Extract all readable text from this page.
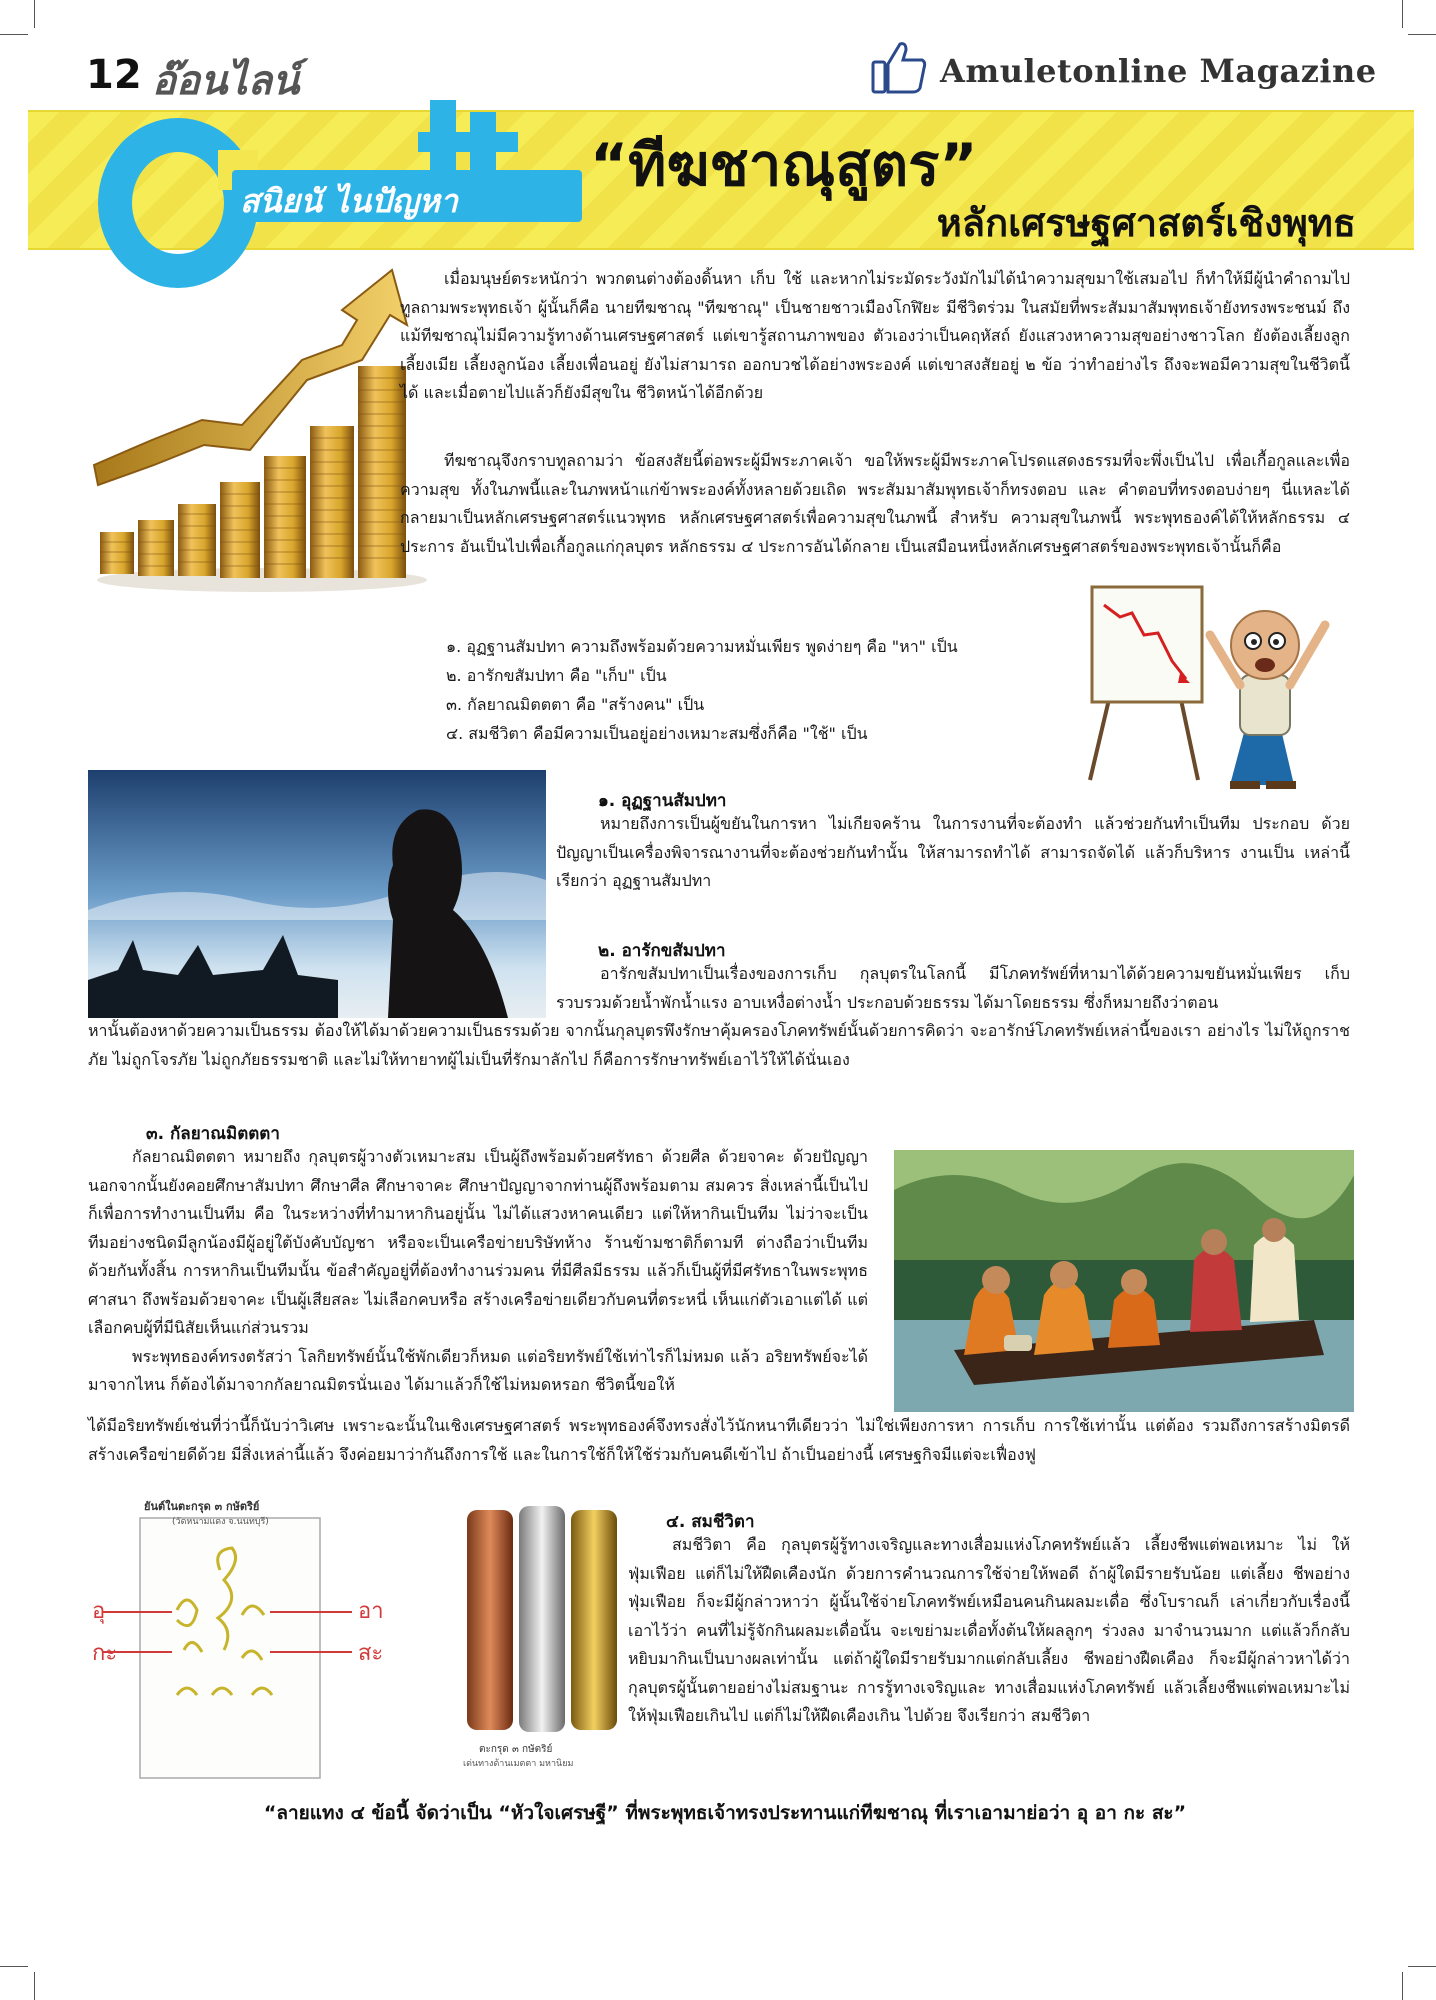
12 อ๊อนไลน์	Amuletonline Magazine
สนิยนั ไนปัญหา
“ทีฆชาณุสูตร”
หลักเศรษฐศาสตร์เชิงพุทธ

เมื่อมนุษย์ตระหนักว่า พวกตนต่างต้องดิ้นหา เก็บ ใช้ และหากไม่ระมัดระวังมักไม่ได้นำความสุขมาใช้เสมอไป ก็ทำให้มีผู้นำคำถามไปทูลถามพระพุทธเจ้า ผู้นั้นก็คือ นายทีฆชาณุ "ทีฆชาณุ" เป็นชายชาวเมืองโกฬิยะ มีชีวิตร่วม ในสมัยที่พระสัมมาสัมพุทธเจ้ายังทรงพระชนม์ ถึงแม้ทีฆชาณุไม่มีความรู้ทางด้านเศรษฐศาสตร์ แต่เขารู้สถานภาพของ ตัวเองว่าเป็นคฤหัสถ์ ยังแสวงหาความสุขอย่างชาวโลก ยังต้องเลี้ยงลูก เลี้ยงเมีย เลี้ยงลูกน้อง เลี้ยงเพื่อนอยู่ ยังไม่สามารถ ออกบวชได้อย่างพระองค์ แต่เขาสงสัยอยู่ ๒ ข้อ ว่าทำอย่างไร ถึงจะพอมีความสุขในชีวิตนี้ได้ และเมื่อตายไปแล้วก็ยังมีสุขใน ชีวิตหน้าได้อีกด้วย

ทีฆชาณุจึงกราบทูลถามว่า ข้อสงสัยนี้ต่อพระผู้มีพระภาคเจ้า ขอให้พระผู้มีพระภาคโปรดแสดงธรรมที่จะพึ่งเป็นไป เพื่อเกื้อกูลและเพื่อความสุข ทั้งในภพนี้และในภพหน้าแก่ข้าพระองค์ทั้งหลายด้วยเถิด พระสัมมาสัมพุทธเจ้าก็ทรงตอบ และ คำตอบที่ทรงตอบง่ายๆ นี่แหละได้กลายมาเป็นหลักเศรษฐศาสตร์แนวพุทธ หลักเศรษฐศาสตร์เพื่อความสุขในภพนี้ สำหรับ ความสุขในภพนี้ พระพุทธองค์ได้ให้หลักธรรม ๔ ประการ อันเป็นไปเพื่อเกื้อกูลแก่กุลบุตร หลักธรรม ๔ ประการอันได้กลาย เป็นเสมือนหนึ่งหลักเศรษฐศาสตร์ของพระพุทธเจ้านั้นก็คือ

๑. อุฏฐานสัมปทา ความถึงพร้อมด้วยความหมั่นเพียร พูดง่ายๆ คือ "หา" เป็น
๒. อารักขสัมปทา คือ "เก็บ" เป็น
๓. กัลยาณมิตตตา คือ "สร้างคน" เป็น
๔. สมชีวิตา คือมีความเป็นอยู่อย่างเหมาะสมซึ่งก็คือ "ใช้" เป็น
๑. อุฏฐานสัมปทา

หมายถึงการเป็นผู้ขยันในการหา ไม่เกียจคร้าน ในการงานที่จะต้องทำ แล้วช่วยกันทำเป็นทีม ประกอบ ด้วยปัญญาเป็นเครื่องพิจารณางานที่จะต้องช่วยกันทำนั้น ให้สามารถทำได้ สามารถจัดได้ แล้วก็บริหาร งานเป็น เหล่านี้เรียกว่า อุฏฐานสัมปทา

๒. อารักขสัมปทา

อารักขสัมปทาเป็นเรื่องของการเก็บ กุลบุตรในโลกนี้ มีโภคทรัพย์ที่หามาได้ด้วยความขยันหมั่นเพียร เก็บรวบรวมด้วยน้ำพักน้ำแรง อาบเหงื่อต่างน้ำ ประกอบด้วยธรรม ได้มาโดยธรรม ซึ่งก็หมายถึงว่าตอน

หานั้นต้องหาด้วยความเป็นธรรม ต้องให้ได้มาด้วยความเป็นธรรมด้วย จากนั้นกุลบุตรพึงรักษาคุ้มครองโภคทรัพย์นั้นด้วยการคิดว่า จะอารักษ์โภคทรัพย์เหล่านี้ของเรา อย่างไร ไม่ให้ถูกราชภัย ไม่ถูกโจรภัย ไม่ถูกภัยธรรมชาติ และไม่ให้ทายาทผู้ไม่เป็นที่รักมาลักไป ก็คือการรักษาทรัพย์เอาไว้ให้ได้นั่นเอง

๓. กัลยาณมิตตตา

กัลยาณมิตตตา หมายถึง กุลบุตรผู้วางตัวเหมาะสม เป็นผู้ถึงพร้อมด้วยศรัทธา ด้วยศีล ด้วยจาคะ ด้วยปัญญา นอกจากนั้นยังคอยศึกษาสัมปทา ศึกษาศีล ศึกษาจาคะ ศึกษาปัญญาจากท่านผู้ถึงพร้อมตาม สมควร สิ่งเหล่านี้เป็นไปก็เพื่อการทำงานเป็นทีม คือ ในระหว่างที่ทำมาหากินอยู่นั้น ไม่ได้แสวงหาคนเดียว แต่ให้หากินเป็นทีม ไม่ว่าจะเป็นทีมอย่างชนิดมีลูกน้องมีผู้อยู่ใต้บังคับบัญชา หรือจะเป็นเครือข่ายบริษัทห้าง ร้านข้ามชาติก็ตามที ต่างถือว่าเป็นทีมด้วยกันทั้งสิ้น การหากินเป็นทีมนั้น ข้อสำคัญอยู่ที่ต้องทำงานร่วมคน ที่มีศีลมีธรรม แล้วก็เป็นผู้ที่มีศรัทธาในพระพุทธศาสนา ถึงพร้อมด้วยจาคะ เป็นผู้เสียสละ ไม่เลือกคบหรือ สร้างเครือข่ายเดียวกับคนที่ตระหนี่ เห็นแก่ตัวเอาแต่ได้ แต่เลือกคบผู้ที่มีนิสัยเห็นแก่ส่วนรวม

พระพุทธองค์ทรงตรัสว่า โลกิยทรัพย์นั้นใช้พักเดียวก็หมด แต่อริยทรัพย์ใช้เท่าไรก็ไม่หมด แล้ว อริยทรัพย์จะได้มาจากไหน ก็ต้องได้มาจากกัลยาณมิตรนั่นเอง ได้มาแล้วก็ใช้ไม่หมดหรอก ชีวิตนี้ขอให้

ได้มีอริยทรัพย์เช่นที่ว่านี้ก็นับว่าวิเศษ เพราะฉะนั้นในเชิงเศรษฐศาสตร์ พระพุทธองค์จึงทรงสั่งไว้นักหนาทีเดียวว่า ไม่ใช่เพียงการหา การเก็บ การใช้เท่านั้น แต่ต้อง รวมถึงการสร้างมิตรดี สร้างเครือข่ายดีด้วย มีสิ่งเหล่านี้แล้ว จึงค่อยมาว่ากันถึงการใช้ และในการใช้ก็ให้ใช้ร่วมกับคนดีเข้าไป ถ้าเป็นอย่างนี้ เศรษฐกิจมีแต่จะเฟื่องฟู

ยันต์ในตะกรุด ๓ กษัตริย์
(วัดหนามแดง จ.นนทบุรี)
อุ	อา
กะ	สะ
ตะกรุด ๓ กษัตริย์
เด่นทางด้านเมตตา มหานิยม
๔. สมชีวิตา

สมชีวิตา คือ กุลบุตรผู้รู้ทางเจริญและทางเสื่อมแห่งโภคทรัพย์แล้ว เลี้ยงชีพแต่พอเหมาะ ไม่ ให้ฟุ่มเฟือย แต่ก็ไม่ให้ฝืดเคืองนัก ด้วยการคำนวณการใช้จ่ายให้พอดี ถ้าผู้ใดมีรายรับน้อย แต่เลี้ยง ชีพอย่างฟุ่มเฟือย ก็จะมีผู้กล่าวหาว่า ผู้นั้นใช้จ่ายโภคทรัพย์เหมือนคนกินผลมะเดื่อ ซึ่งโบราณก็ เล่าเกี่ยวกับเรื่องนี้เอาไว้ว่า คนที่ไม่รู้จักกินผลมะเดื่อนั้น จะเขย่ามะเดื่อทั้งต้นให้ผลลูกๆ ร่วงลง มาจำนวนมาก แต่แล้วก็กลับหยิบมากินเป็นบางผลเท่านั้น แต่ถ้าผู้ใดมีรายรับมากแต่กลับเลี้ยง ชีพอย่างฝืดเคือง ก็จะมีผู้กล่าวหาได้ว่า กุลบุตรผู้นั้นตายอย่างไม่สมฐานะ การรู้ทางเจริญและ ทางเสื่อมแห่งโภคทรัพย์ แล้วเลี้ยงชีพแต่พอเหมาะไม่ให้ฟุ่มเฟือยเกินไป แต่ก็ไม่ให้ฝืดเคืองเกิน ไปด้วย จึงเรียกว่า สมชีวิตา

“ลายแทง ๔ ข้อนี้ จัดว่าเป็น “หัวใจเศรษฐี” ที่พระพุทธเจ้าทรงประทานแก่ทีฆชาณุ ที่เราเอามาย่อว่า อุ อา กะ สะ”
